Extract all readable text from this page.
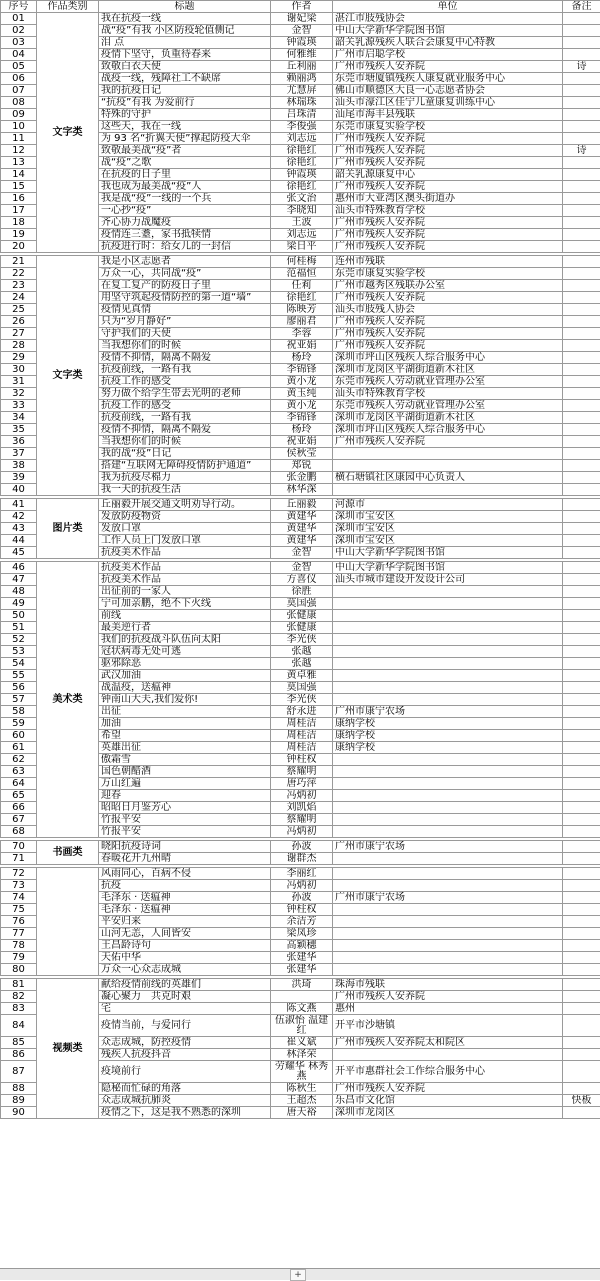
序号	作品类别	标题	作者	单位	备注
01	文字类	我在抗疫一线	谢妃梁	湛江市肢残协会	
02		战“疫”有我 小区防疫轮值侧记	金智	中山大学新华学院图书馆	
03		泪 点	钟霞瑛	韶关乳源残疾人联合会康复中心特教	
04		疫情下坚守，负重待春来	何雅维	广州市启聪学校	
05		致敬白衣天使	丘利丽	广州市残疾人安养院	诗
06		战疫一线，残障社工不缺席	赖丽鸿	东莞市塘厦镇残疾人康复就业服务中心	
07		我的抗疫日记	尤慧屏	佛山市顺德区大良一心志愿者协会	
08		“抗疫”有我 为爱前行	林瑞珠	汕头市濠江区佳宁儿童康复训练中心	
09		特殊的守护	吕珠清	汕尾市海丰县残联	
10		这些天，我在一线	李俊强	东莞市康复实验学校	
11		为 93 名“折翼天使”撑起防疫大伞	刘志远	广州市残疾人安养院	
12		致敬最美战“疫”者	徐艳红	广州市残疾人安养院	诗
13		战“疫”之歌	徐艳红	广州市残疾人安养院	
14		在抗疫的日子里	钟霞瑛	韶关乳源康复中心	
15		我也成为最美战“疫”人	徐艳红	广州市残疾人安养院	
16		我是战“疫”一线的一个兵	张文治	惠州市大亚湾区澳头街道办	
17		一心抄“疫”	李晓知	汕头市特殊教育学校	
18		齐心协力战魔疫	王波	广州市残疾人安养院	
19		疫情连三耋，家书抵犊情	刘志远	广州市残疾人安养院	
20		抗疫进行时：给女儿的一封信	梁日平	广州市残疾人安养院	

21	文字类	我是小区志愿者	何桂梅	连州市残联	
22		万众一心，共同战“疫”	范福恒	东莞市康复实验学校	
23		在复工复产的防疫日子里	任莉	广州市越秀区残联办公室	
24		用坚守筑起疫情防控的第一道“墙”	徐艳红	广州市残疾人安养院	
25		疫情见真情	陈映芳	汕头市肢残人协会	
26		只为“岁月静好”	廖丽君	广州市残疾人安养院	
27		守护我们的天使	李蓉	广州市残疾人安养院	
28		当我想你们的时候	祝亚娟	广州市残疾人安养院	
29		疫情不抑情，隔离不隔爱	杨玲	深圳市坪山区残疾人综合服务中心	
30		抗疫前线，一路有我	李锦锋	深圳市龙岗区平湖街道新木社区	
31		抗疫工作的感受	黄小龙	东莞市残疾人劳动就业管理办公室	
32		努力做个给学生带去光明的老师	黄玉纯	汕头市特殊教育学校	
33		抗疫工作的感受	黄小龙	东莞市残疾人劳动就业管理办公室	
34		抗疫前线，一路有我	李锦锋	深圳市龙岗区平湖街道新木社区	
35		疫情不抑情，隔离不隔爱	杨玲	深圳市坪山区残疾人综合服务中心	
36		当我想你们的时候	祝亚娟	广州市残疾人安养院	
37		我的战“疫”日记	侯秋莹		
38		搭建“互联网无障碍疫情防护通道”	郑锐		
39		我为抗疫尽棉力	张金鹏	横石塘镇社区康园中心负责人	
40		我一天的抗疫生活	林华深		

41	图片类	丘丽毅开展交通文明劝导行动。	丘丽毅	河源市	
42		发放防疫物资	黄建华	深圳市宝安区	
43		发放口罩	黄建华	深圳市宝安区	
44		工作人员上门发放口罩	黄建华	深圳市宝安区	
45		抗疫美术作品	金智	中山大学新华学院图书馆	

46	美术类	抗疫美术作品	金智	中山大学新华学院图书馆	
47		抗疫美术作品	方喜仪	汕头市城市建设开发设计公司	
48		出征前的一家人	徐胜		
49		宁可加亲鹏，绝不下火线	莫国强		
50		前线	张健康		
51		最美逆行者	张健康		
52		我们的抗疫战斗队伍向太阳	李光侠		
53		冠状病毒无处可逃	张越		
54		驱邪除恶	张越		
55		武汉加油	黄卓雅		
56		战温疫，送瘟神	莫国强		
57		钟南山大夫,我们爱你!	李光侠		
58		出征	舒永进	广州市康宁农场	
59		加油	周桂洁	康纳学校	
60		希望	周桂洁	康纳学校	
61		英雄出征	周桂洁	康纳学校	
62		傲霜雪	钟柱权		
63		国色朝醋酒	蔡耀明		
64		万山红遍	唐巧萍		
65		迎春	冯炳初		
66		昭昭日月鉴芳心	刘凯焰		
67		竹报平安	蔡耀明		
68		竹报平安	冯炳初		

70	书画类	晓阳抗疫诗词	孙波	广州市康宁农场	
71		春暖花开九州晴	谢群杰		

72		风雨同心，百病不侵	李丽红		
73		抗疫	冯炳初		
74		毛泽东 · 送瘟神	孙波	广州市康宁农场	
75		毛泽东 · 送瘟神	钟柱权		
76		平安归来	余洁芳		
77		山河无恙，人间皆安	梁凤珍		
78		王昌龄诗句	高颖穗		
79		天佑中华	张建华		
80		万众一心众志成城	张建华		

81	视频类	献给疫情前线的英雄们	洪琦	珠海市残联	
82		凝心聚力　共克时艰		广州市残疾人安养院	
83		宅	陈文燕	惠州	
84		疫情当前，与爱同行	伍淑怡 温建红	开平市沙塘镇	
85		众志成城，防控疫情	崔义斌	广州市残疾人安养院太和院区	
86		残疾人抗疫抖音	林泽荣		
87		疫境前行	劳耀华 林秀燕	开平市惠群社会工作综合服务中心	
88		隐秘而忙碌的角落	陈秋生	广州市残疾人安养院	
89		众志成城抗肺炎	王超杰	乐昌市文化馆	快板
90		疫情之下，这是我不熟悉的深圳	唐天裕	深圳市龙岗区	
+
